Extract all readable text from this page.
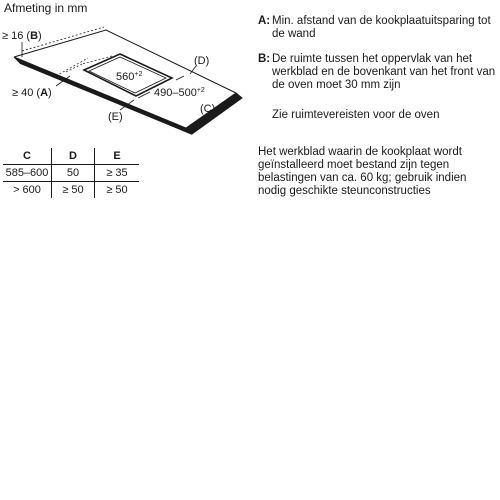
Afmeting in mm
≥ 16 (B)
≥ 40 (A)
(D)
(C)
(E)
$560^{+2}$
$490-500^{+2}$
C	D	E
585–600	50	≥ 35
> 600	≥ 50	≥ 50
A: Min. afstand van de kookplaatuitsparing tot de wand
B: De ruimte tussen het oppervlak van het werkblad en de bovenkant van het front van de oven moet 30 mm zijn
Zie ruimtevereisten voor de oven
Het werkblad waarin de kookplaat wordt geïnstalleerd moet bestand zijn tegen belastingen van ca. 60 kg; gebruik indien nodig geschikte steunconstructies
